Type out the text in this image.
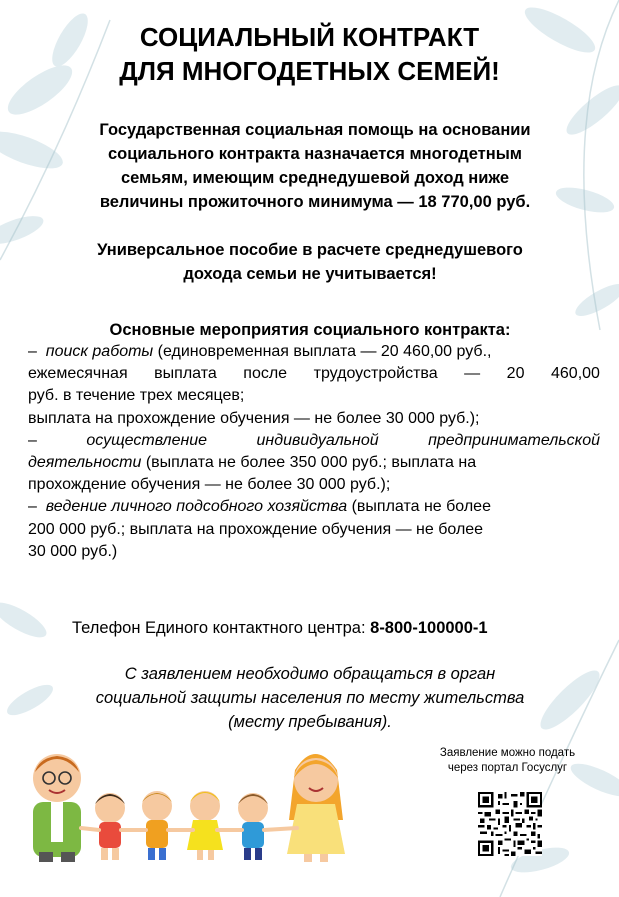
СОЦИАЛЬНЫЙ КОНТРАКТ
ДЛЯ МНОГОДЕТНЫХ СЕМЕЙ!
Государственная социальная помощь на основании
социального контракта назначается многодетным
семьям, имеющим среднедушевой доход ниже
величины прожиточного минимума — 18 770,00 руб.
Универсальное пособие в расчете среднедушевого
дохода семьи не учитывается!
Основные мероприятия социального контракта:
– поиск работы (единовременная выплата — 20 460,00 руб.,
ежемесячная выплата после трудоустройства — 20 460,00
руб. в течение трех месяцев;
выплата на прохождение обучения — не более 30 000 руб.);
–	осуществление	индивидуальной	предпринимательской
деятельности (выплата не более 350 000 руб.; выплата на
прохождение обучения — не более 30 000 руб.);
– ведение личного подсобного хозяйства (выплата не более
200 000 руб.; выплата на прохождение обучения — не более
30 000 руб.)
Телефон Единого контактного центра: 8-800-100000-1
С заявлением необходимо обращаться в орган
социальной защиты населения по месту жительства
(месту пребывания).
Заявление можно подать
через портал Госуслуг
